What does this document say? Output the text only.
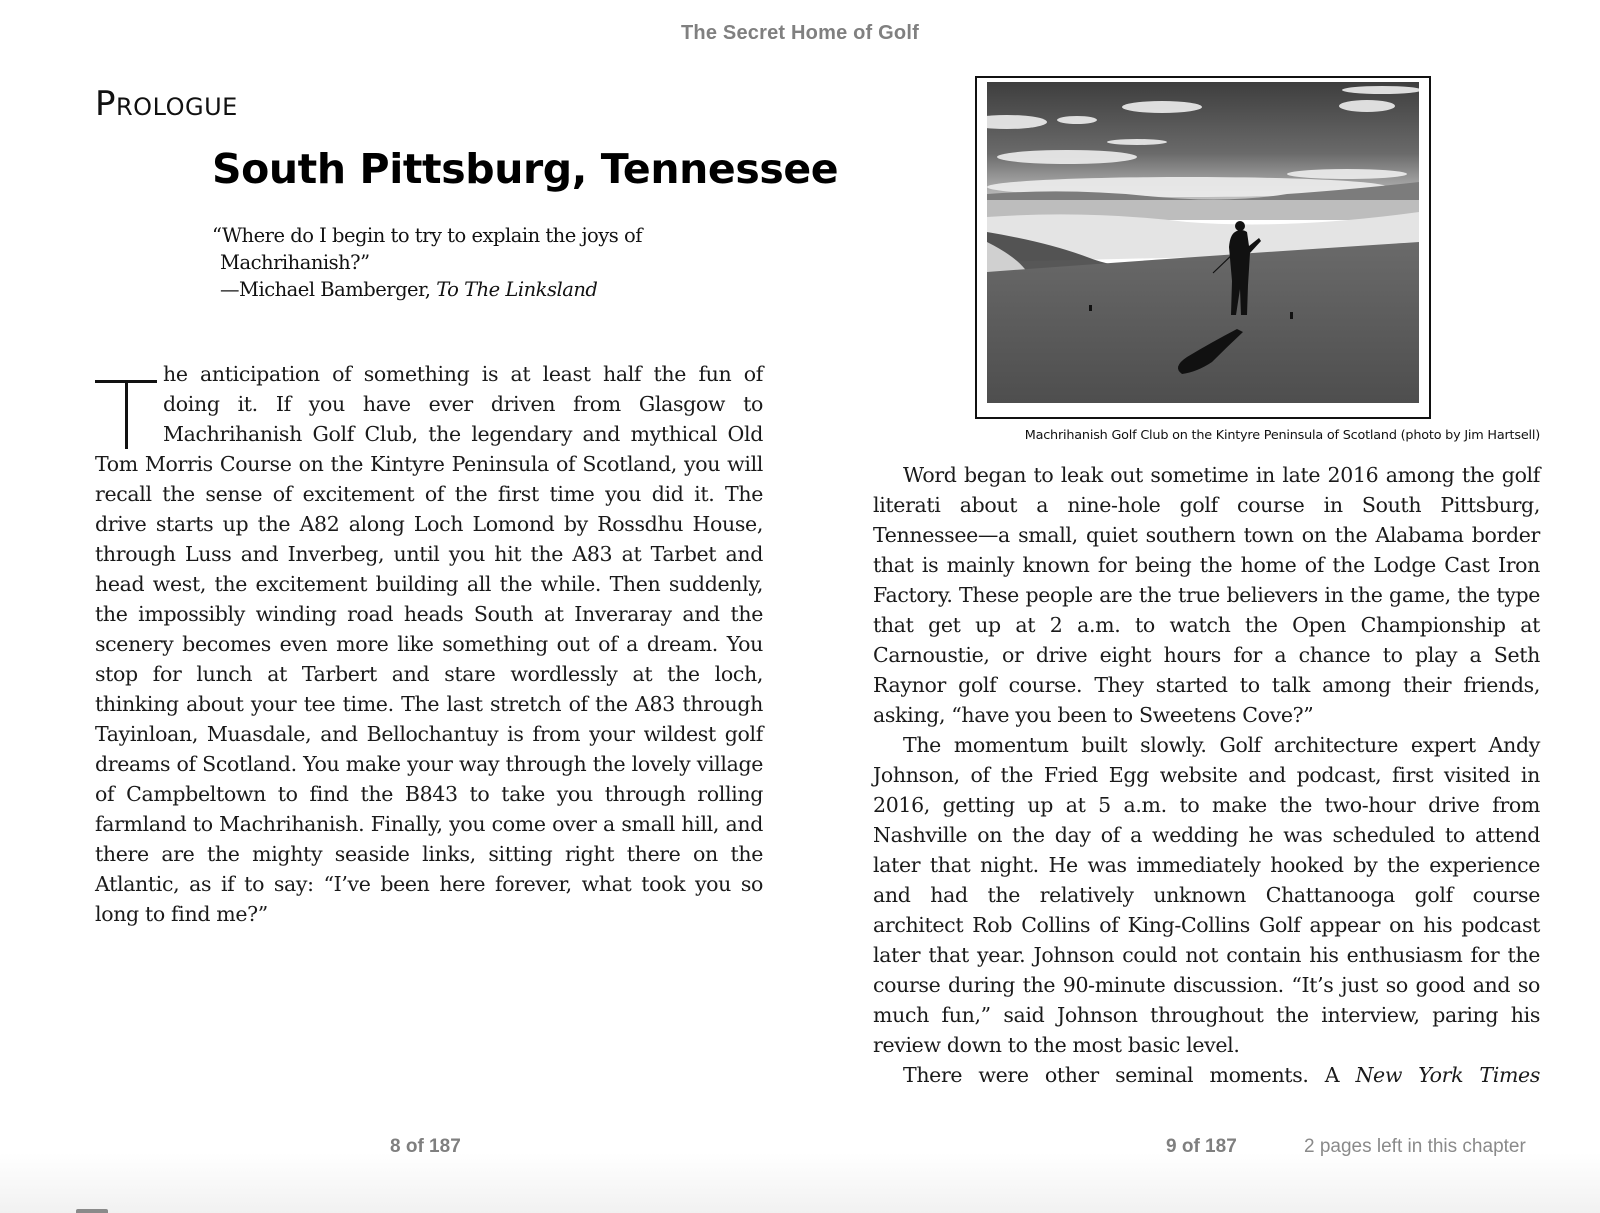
The Secret Home of Golf
Prologue
South Pittsburg, Tennessee
“Where do I begin to try to explain the joys of
Machrihanish?”
—Michael Bamberger, To The Linksland

he anticipation of something is at least half the fun of doing it. If you have ever driven from Glasgow to Machrihanish Golf Club, the legendary and mythical Old Tom Morris Course on the Kintyre Peninsula of Scotland, you will recall the sense of excitement of the first time you did it. The drive starts up the A82 along Loch Lomond by Rossdhu House, through Luss and Inverbeg, until you hit the A83 at Tarbet and head west, the excitement building all the while. Then suddenly, the impossibly winding road heads South at Inveraray and the scenery becomes even more like something out of a dream. You stop for lunch at Tarbert and stare wordlessly at the loch, thinking about your tee time. The last stretch of the A83 through Tayinloan, Muasdale, and Bellochantuy is from your wildest golf dreams of Scotland. You make your way through the lovely village of Campbeltown to find the B843 to take you through rolling farmland to Machrihanish. Finally, you come over a small hill, and there are the mighty seaside links, sitting right there on the Atlantic, as if to say: “I’ve been here forever, what took you so long to find me?”

Machrihanish Golf Club on the Kintyre Peninsula of Scotland (photo by Jim Hartsell)

Word began to leak out sometime in late 2016 among the golf literati about a nine-hole golf course in South Pittsburg, Tennessee—a small, quiet southern town on the Alabama border that is mainly known for being the home of the Lodge Cast Iron Factory. These people are the true believers in the game, the type that get up at 2 a.m. to watch the Open Championship at Carnoustie, or drive eight hours for a chance to play a Seth Raynor golf course. They started to talk among their friends, asking, “have you been to Sweetens Cove?”

The momentum built slowly. Golf architecture expert Andy Johnson, of the Fried Egg website and podcast, first visited in 2016, getting up at 5 a.m. to make the two-hour drive from Nashville on the day of a wedding he was scheduled to attend later that night. He was immediately hooked by the experience and had the relatively unknown Chattanooga golf course architect Rob Collins of King-Collins Golf appear on his podcast later that year. Johnson could not contain his enthusiasm for the course during the 90-minute discussion. “It’s just so good and so much fun,” said Johnson throughout the interview, paring his review down to the most basic level.

There were other seminal moments. A New York Times

8 of 187	9 of 187	2 pages left in this chapter
